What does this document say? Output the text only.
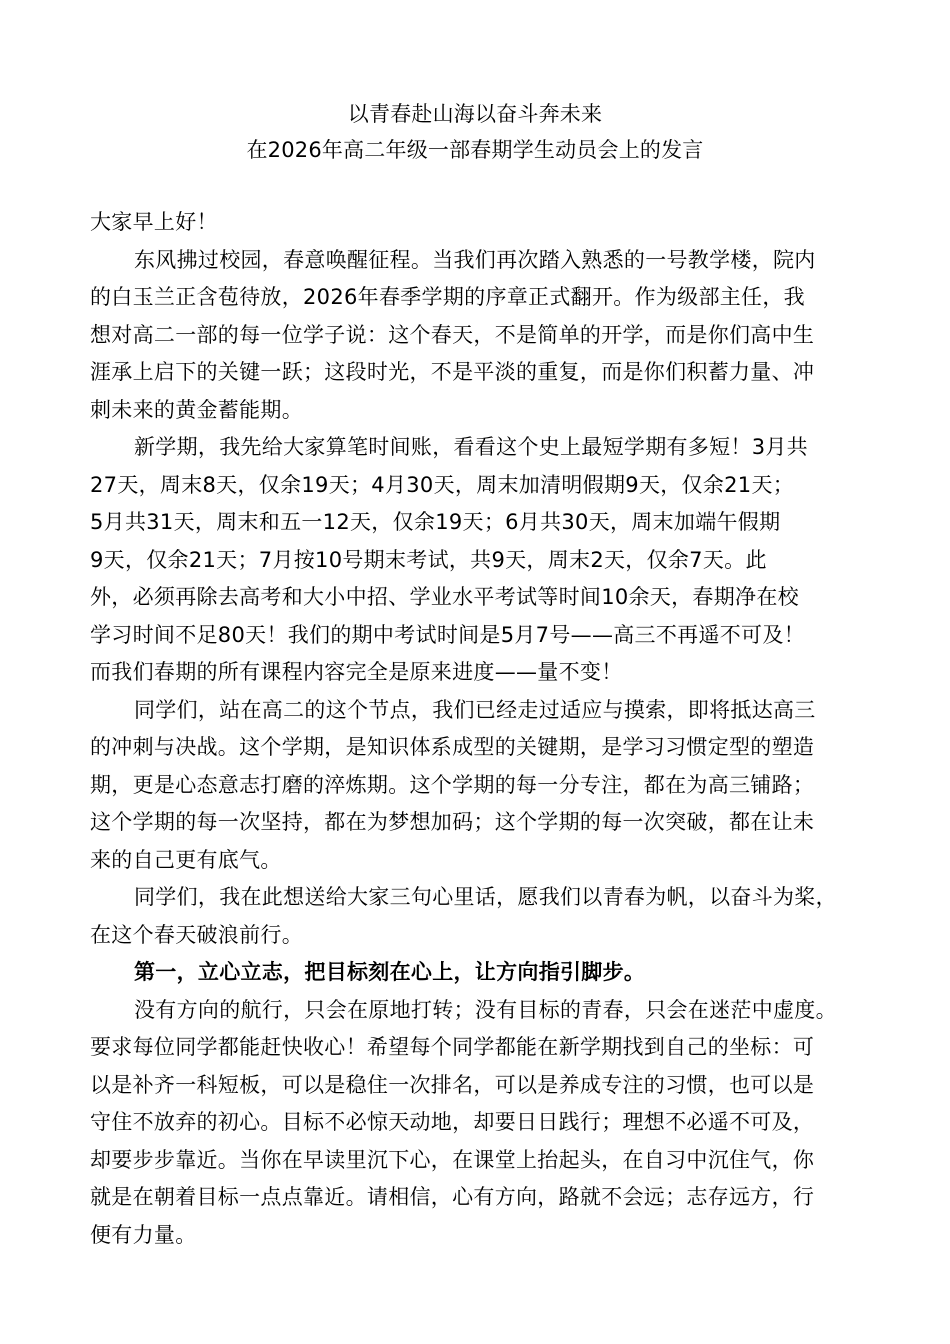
以青春赴山海以奋斗奔未来
在2026年高二年级一部春期学生动员会上的发言
大家早上好！
东风拂过校园，春意唤醒征程。当我们再次踏入熟悉的一号教学楼，院内
的白玉兰正含苞待放，2026年春季学期的序章正式翻开。作为级部主任，我
想对高二一部的每一位学子说：这个春天，不是简单的开学，而是你们高中生
涯承上启下的关键一跃；这段时光，不是平淡的重复，而是你们积蓄力量、冲
刺未来的黄金蓄能期。
新学期，我先给大家算笔时间账，看看这个史上最短学期有多短！3月共
27天，周末8天，仅余19天；4月30天，周末加清明假期9天，仅余21天；
5月共31天，周末和五一12天，仅余19天；6月共30天，周末加端午假期
9天，仅余21天；7月按10号期末考试，共9天，周末2天，仅余7天。此
外，必须再除去高考和大小中招、学业水平考试等时间10余天，春期净在校
学习时间不足80天！我们的期中考试时间是5月7号——高三不再遥不可及！
而我们春期的所有课程内容完全是原来进度——量不变！
同学们，站在高二的这个节点，我们已经走过适应与摸索，即将抵达高三
的冲刺与决战。这个学期，是知识体系成型的关键期，是学习习惯定型的塑造
期，更是心态意志打磨的淬炼期。这个学期的每一分专注，都在为高三铺路；
这个学期的每一次坚持，都在为梦想加码；这个学期的每一次突破，都在让未
来的自己更有底气。
同学们，我在此想送给大家三句心里话，愿我们以青春为帆，以奋斗为桨，
在这个春天破浪前行。
第一，立心立志，把目标刻在心上，让方向指引脚步。
没有方向的航行，只会在原地打转；没有目标的青春，只会在迷茫中虚度。
要求每位同学都能赶快收心！希望每个同学都能在新学期找到自己的坐标：可
以是补齐一科短板，可以是稳住一次排名，可以是养成专注的习惯，也可以是
守住不放弃的初心。目标不必惊天动地，却要日日践行；理想不必遥不可及，
却要步步靠近。当你在早读里沉下心，在课堂上抬起头，在自习中沉住气，你
就是在朝着目标一点点靠近。请相信，心有方向，路就不会远；志存远方，行
便有力量。
